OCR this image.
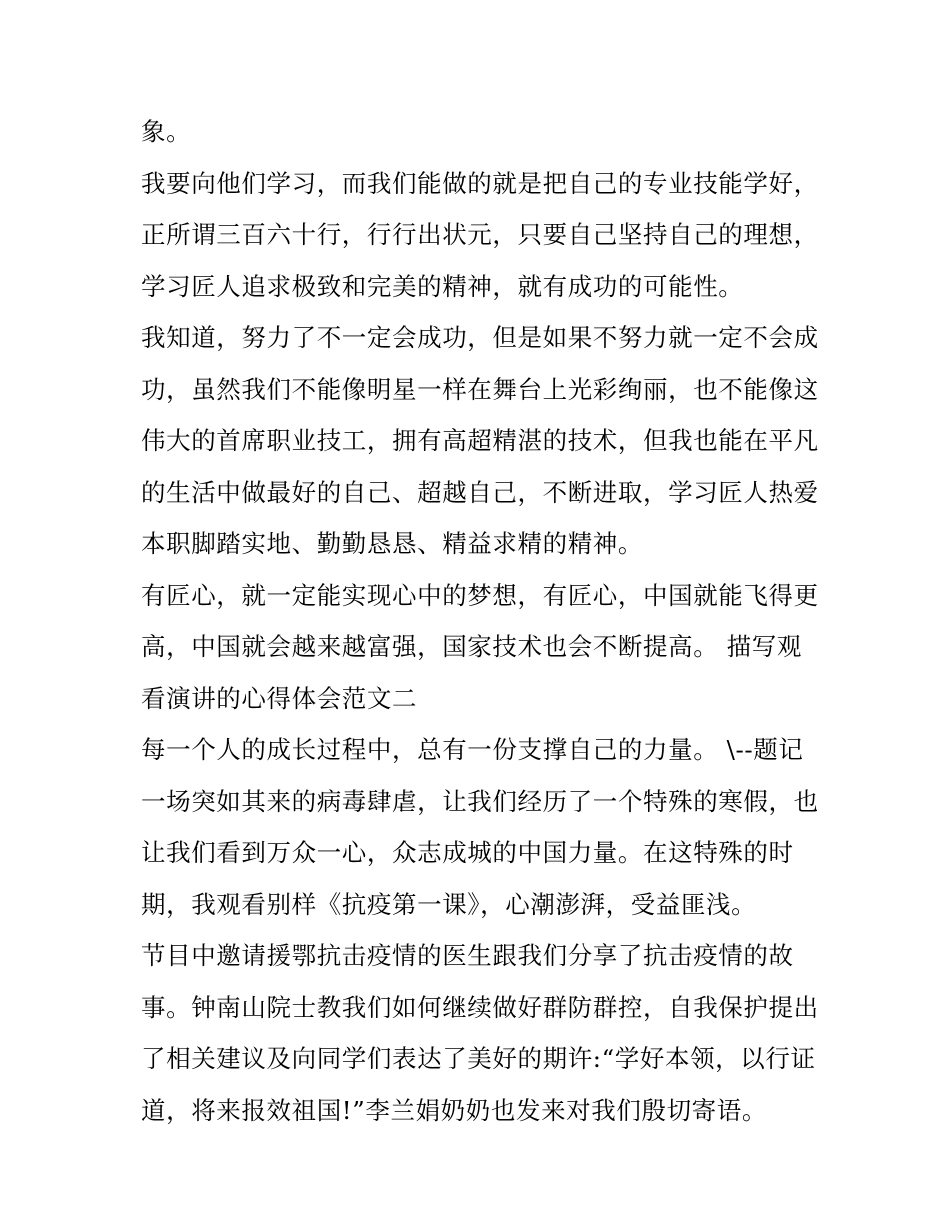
象。
我要向他们学习，而我们能做的就是把自己的专业技能学好，
正所谓三百六十行，行行出状元，只要自己坚持自己的理想，
学习匠人追求极致和完美的精神，就有成功的可能性。
我知道，努力了不一定会成功，但是如果不努力就一定不会成
功，虽然我们不能像明星一样在舞台上光彩绚丽，也不能像这
伟大的首席职业技工，拥有高超精湛的技术，但我也能在平凡
的生活中做最好的自己、超越自己，不断进取，学习匠人热爱
本职脚踏实地、勤勤恳恳、精益求精的精神。
有匠心，就一定能实现心中的梦想，有匠心，中国就能飞得更
高，中国就会越来越富强，国家技术也会不断提高。 描写观
看演讲的心得体会范文二
每一个人的成长过程中，总有一份支撑自己的力量。 \--题记
一场突如其来的病毒肆虐，让我们经历了一个特殊的寒假，也
让我们看到万众一心，众志成城的中国力量。在这特殊的时
期，我观看别样《抗疫第一课》，心潮澎湃，受益匪浅。
节目中邀请援鄂抗击疫情的医生跟我们分享了抗击疫情的故
事。钟南山院士教我们如何继续做好群防群控，自我保护提出
了相关建议及向同学们表达了美好的期许:“学好本领，以行证
道，将来报效祖国!”李兰娟奶奶也发来对我们殷切寄语。
